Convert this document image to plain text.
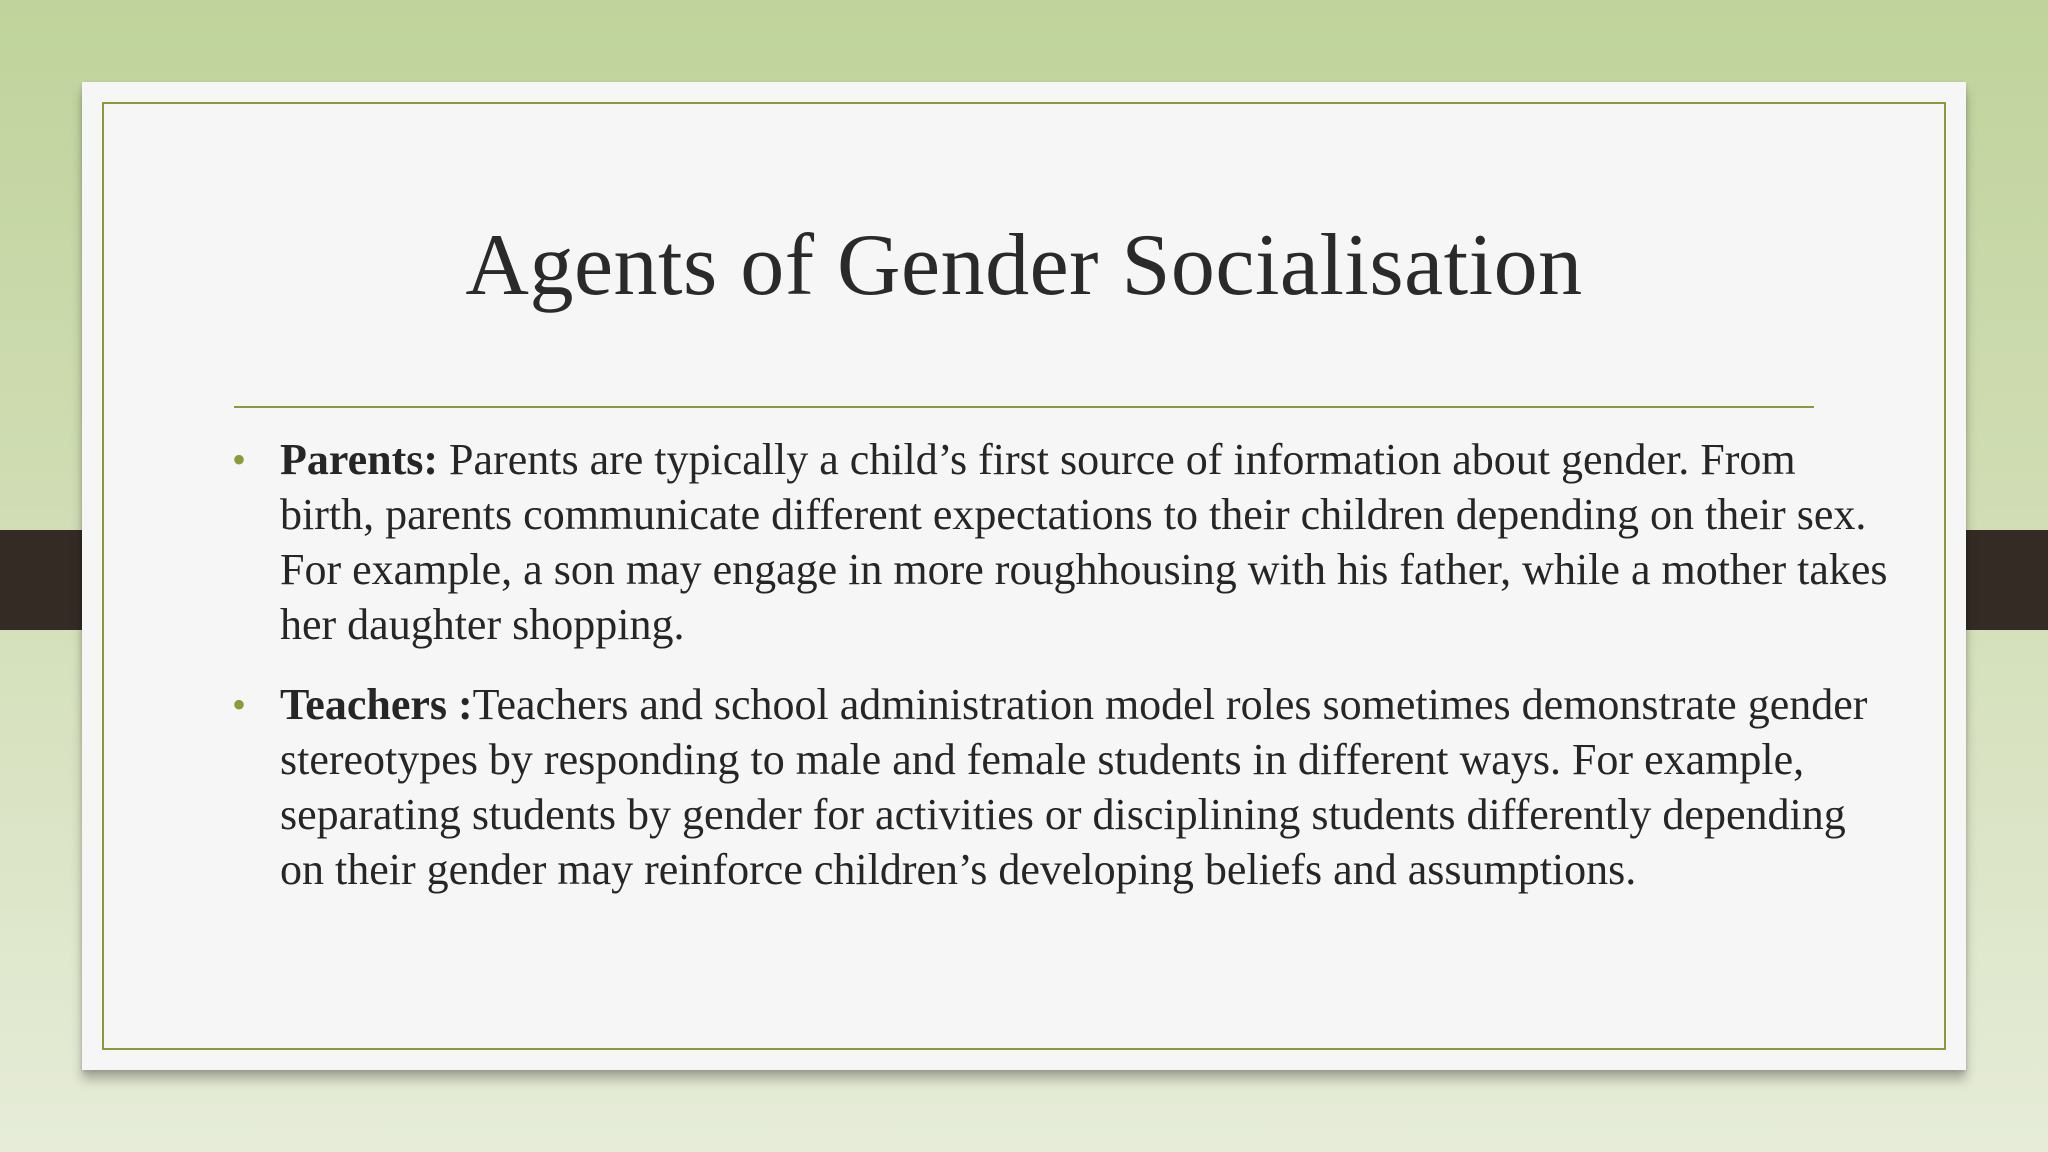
Agents of Gender Socialisation
• Parents: Parents are typically a child’s first source of information about gender. From birth, parents communicate different expectations to their children depending on their sex. For example, a son may engage in more roughhousing with his father, while a mother takes her daughter shopping.
• Teachers :Teachers and school administration model roles sometimes demonstrate gender stereotypes by responding to male and female students in different ways. For example, separating students by gender for activities or disciplining students differently depending on their gender may reinforce children’s developing beliefs and assumptions.
